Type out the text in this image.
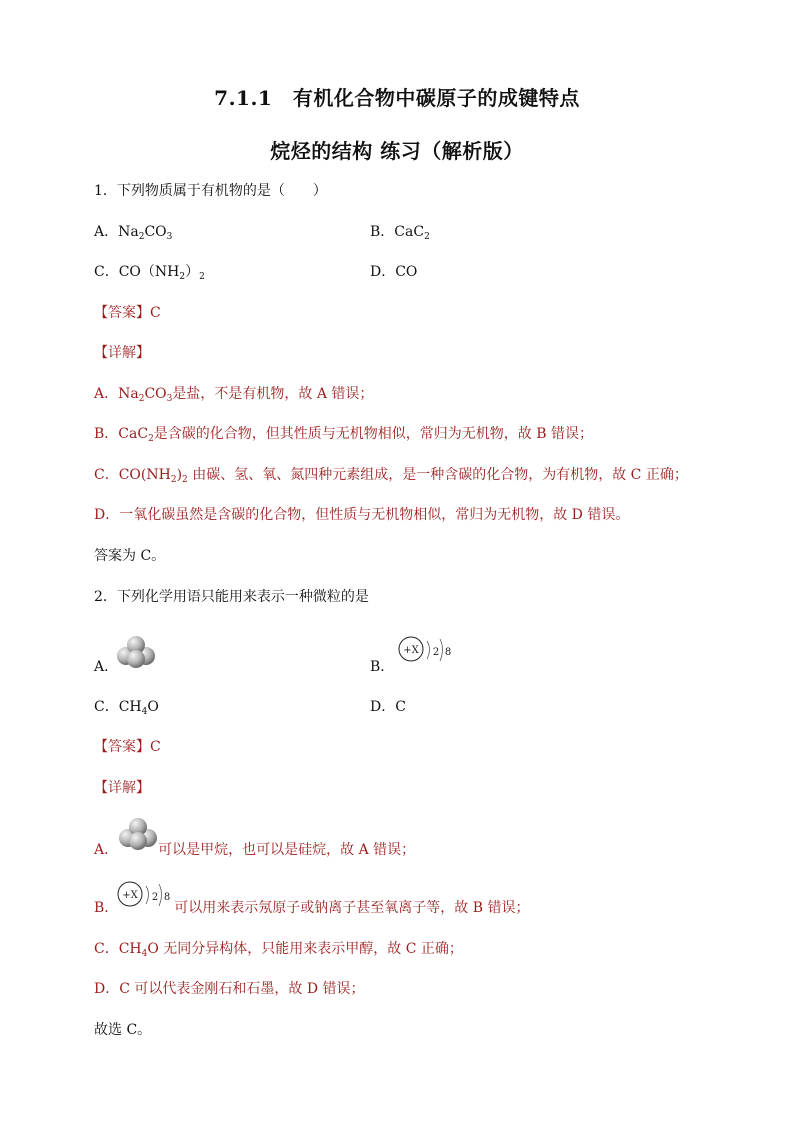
7.1.1　有机化合物中碳原子的成键特点
烷烃的结构 练习（解析版）
1．下列物质属于有机物的是（　　）
A．$Na_2CO_3$	B．CaC$_2$
C．$CO(NH_2)_2$	D．CO
【答案】C
【详解】
A．$Na_2CO_3$是盐，不是有机物，故 A 错误；
B．CaC$_2$是含碳的化合物，但其性质与无机物相似，常归为无机物，故 B 错误；
C．$CO(NH_2)_2$ 由碳、氢、氧、氮四种元素组成，是一种含碳的化合物，为有机物，故 C 正确；
D．一氧化碳虽然是含碳的化合物，但性质与无机物相似，常归为无机物，故 D 错误。
答案为 C。
2．下列化学用语只能用来表示一种微粒的是
A．	B．
+X 2 8
C．$CH_4O$	D．C
【答案】C
【详解】
A．	可以是甲烷，也可以是硅烷，故 A 错误；
B．	可以用来表示氖原子或钠离子甚至氧离子等，故 B 错误；
+X 2 8
C．$CH_4O$ 无同分异构体，只能用来表示甲醇，故 C 正确；
D．C 可以代表金刚石和石墨，故 D 错误；
故选 C。
